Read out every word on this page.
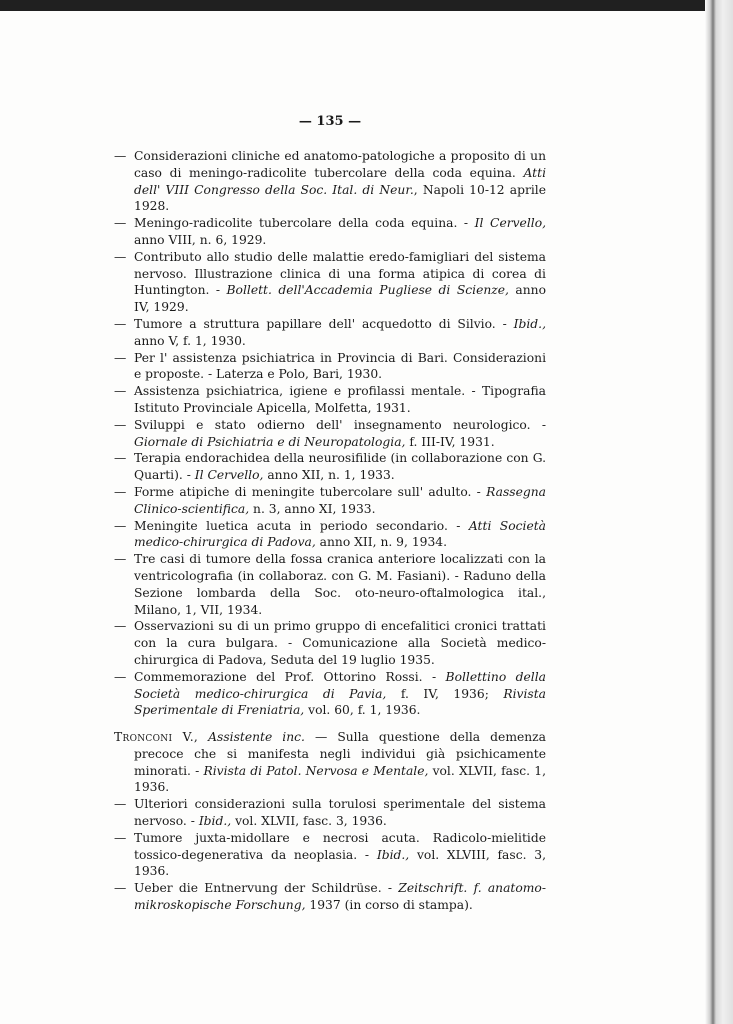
— 135 —

— Considerazioni cliniche ed anatomo-patologiche a proposito di un caso di meningo-radicolite tubercolare della coda equina. Atti dell' VIII Congresso della Soc. Ital. di Neur., Napoli 10-12 aprile 1928.

— Meningo-radicolite tubercolare della coda equina. - Il Cervello, anno VIII, n. 6, 1929.

— Contributo allo studio delle malattie eredo-famigliari del sistema nervoso. Illustrazione clinica di una forma atipica di corea di Huntington. - Bollett. dell'Accademia Pugliese di Scienze, anno IV, 1929.

— Tumore a struttura papillare dell' acquedotto di Silvio. - Ibid., anno V, f. 1, 1930.

— Per l' assistenza psichiatrica in Provincia di Bari. Considerazioni e proposte. - Laterza e Polo, Bari, 1930.

— Assistenza psichiatrica, igiene e profilassi mentale. - Tipografia Istituto Provinciale Apicella, Molfetta, 1931.

— Sviluppi e stato odierno dell' insegnamento neurologico. - Giornale di Psichiatria e di Neuropatologia, f. III-IV, 1931.

— Terapia endorachidea della neurosifilide (in collaborazione con G. Quarti). - Il Cervello, anno XII, n. 1, 1933.

— Forme atipiche di meningite tubercolare sull' adulto. - Rassegna Clinico-scientifica, n. 3, anno XI, 1933.

— Meningite luetica acuta in periodo secondario. - Atti Società medico-chirurgica di Padova, anno XII, n. 9, 1934.

— Tre casi di tumore della fossa cranica anteriore localizzati con la ventricolografia (in collaboraz. con G. M. Fasiani). - Raduno della Sezione lombarda della Soc. oto-neuro-oftalmologica ital., Milano, 1, VII, 1934.

— Osservazioni su di un primo gruppo di encefalitici cronici trattati con la cura bulgara. - Comunicazione alla Società medico-chirurgica di Padova, Seduta del 19 luglio 1935.

— Commemorazione del Prof. Ottorino Rossi. - Bollettino della Società medico-chirurgica di Pavia, f. IV, 1936; Rivista Sperimentale di Freniatria, vol. 60, f. 1, 1936.

Tronconi V., Assistente inc. — Sulla questione della demenza precoce che si manifesta negli individui già psichicamente minorati. - Rivista di Patol. Nervosa e Mentale, vol. XLVII, fasc. 1, 1936.

— Ulteriori considerazioni sulla torulosi sperimentale del sistema nervoso. - Ibid., vol. XLVII, fasc. 3, 1936.

— Tumore juxta-midollare e necrosi acuta. Radicolo-mielitide tossico-degenerativa da neoplasia. - Ibid., vol. XLVIII, fasc. 3, 1936.

— Ueber die Entnervung der Schildrüse. - Zeitschrift. f. anatomo-mikroskopische Forschung, 1937 (in corso di stampa).
